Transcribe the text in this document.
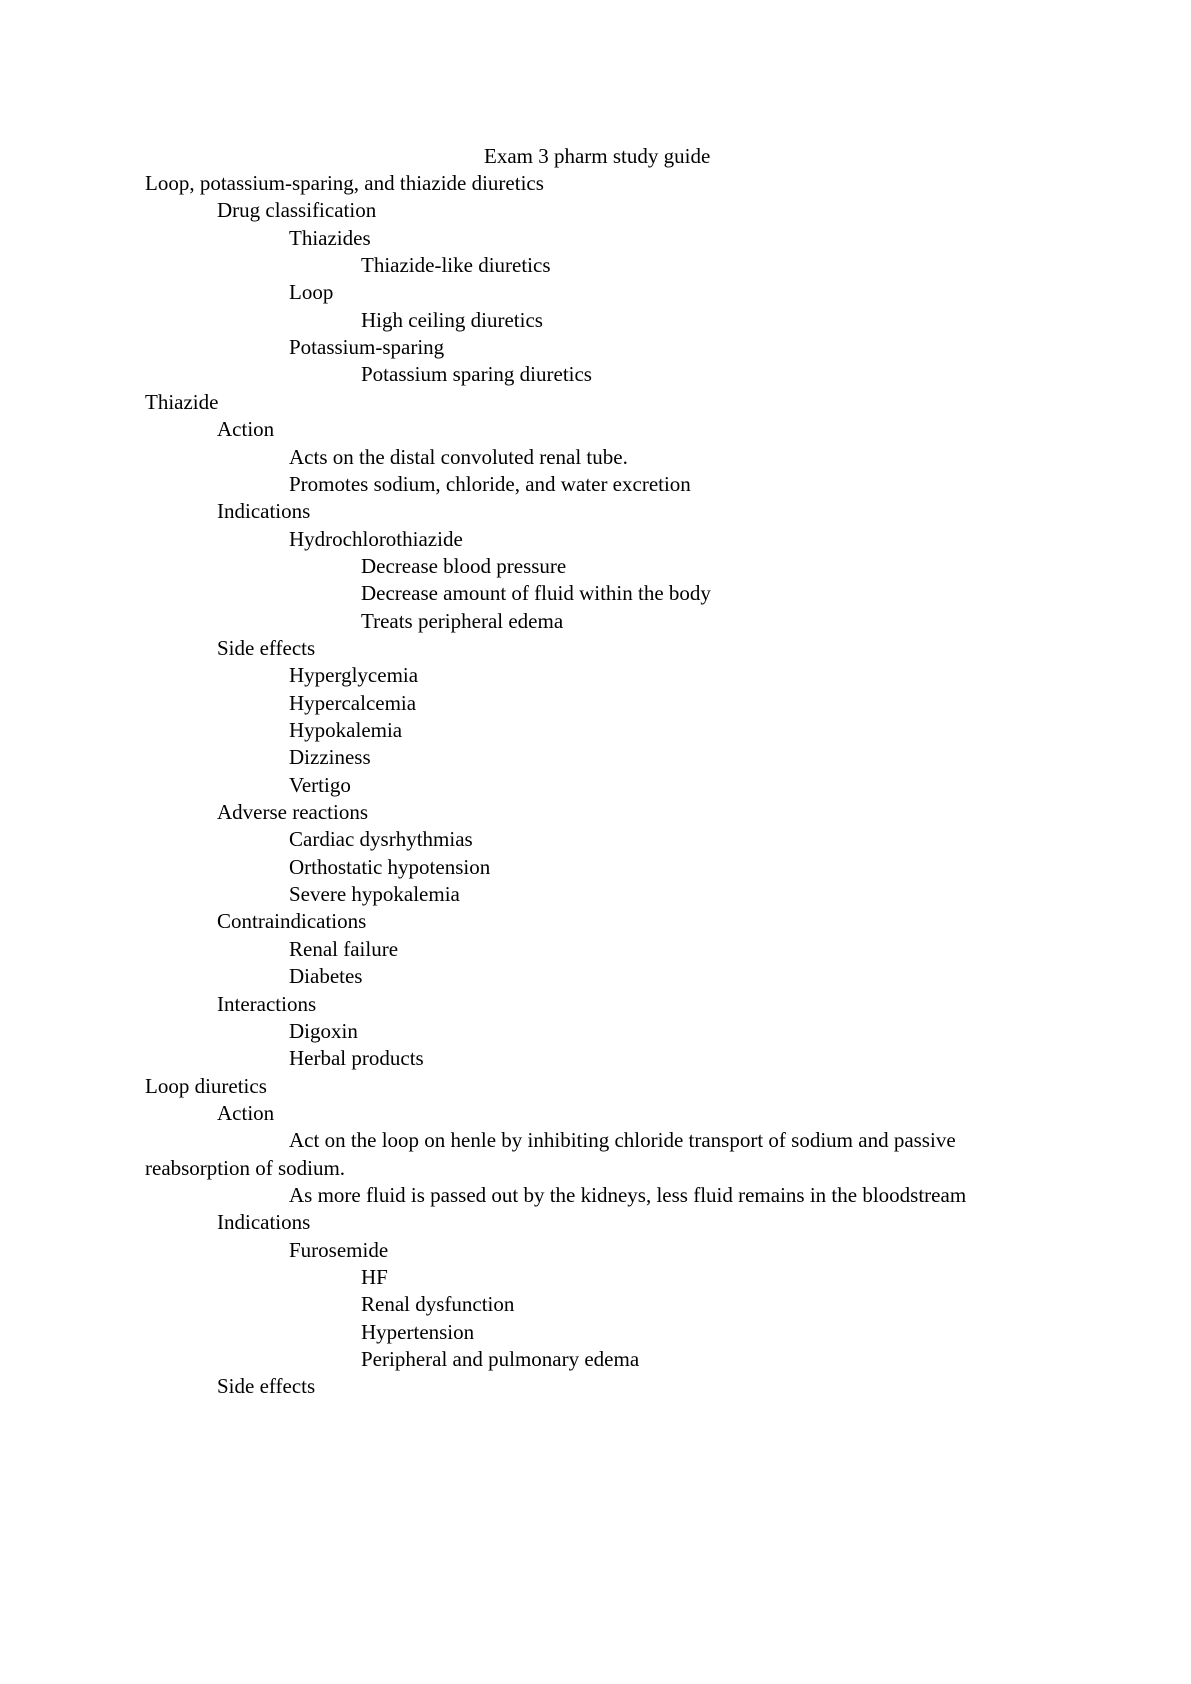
Exam 3 pharm study guide
Loop, potassium-sparing, and thiazide diuretics
Drug classification
Thiazides
Thiazide-like diuretics
Loop
High ceiling diuretics
Potassium-sparing
Potassium sparing diuretics
Thiazide
Action
Acts on the distal convoluted renal tube.
Promotes sodium, chloride, and water excretion
Indications
Hydrochlorothiazide
Decrease blood pressure
Decrease amount of fluid within the body
Treats peripheral edema
Side effects
Hyperglycemia
Hypercalcemia
Hypokalemia
Dizziness
Vertigo
Adverse reactions
Cardiac dysrhythmias
Orthostatic hypotension
Severe hypokalemia
Contraindications
Renal failure
Diabetes
Interactions
Digoxin
Herbal products
Loop diuretics
Action
Act on the loop on henle by inhibiting chloride transport of sodium and passive
reabsorption of sodium.
As more fluid is passed out by the kidneys, less fluid remains in the bloodstream
Indications
Furosemide
HF
Renal dysfunction
Hypertension
Peripheral and pulmonary edema
Side effects
